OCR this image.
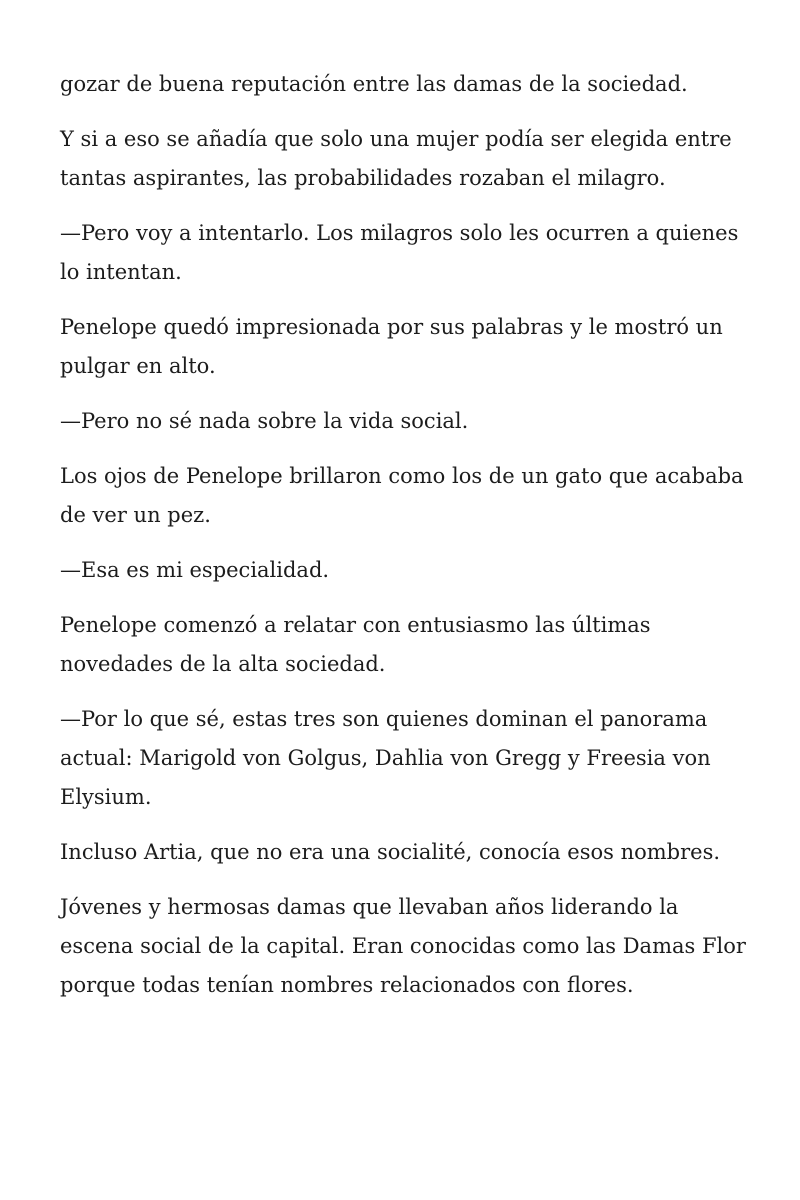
gozar de buena reputación entre las damas de la sociedad.

Y si a eso se añadía que solo una mujer podía ser elegida entre tantas aspirantes, las probabilidades rozaban el milagro.

—Pero voy a intentarlo. Los milagros solo les ocurren a quienes lo intentan.

Penelope quedó impresionada por sus palabras y le mostró un pulgar en alto.

—Pero no sé nada sobre la vida social.

Los ojos de Penelope brillaron como los de un gato que acababa de ver un pez.

—Esa es mi especialidad.

Penelope comenzó a relatar con entusiasmo las últimas novedades de la alta sociedad.

—Por lo que sé, estas tres son quienes dominan el panorama actual: Marigold von Golgus, Dahlia von Gregg y Freesia von Elysium.

Incluso Artia, que no era una socialité, conocía esos nombres.

Jóvenes y hermosas damas que llevaban años liderando la escena social de la capital. Eran conocidas como las Damas Flor porque todas tenían nombres relacionados con flores.
